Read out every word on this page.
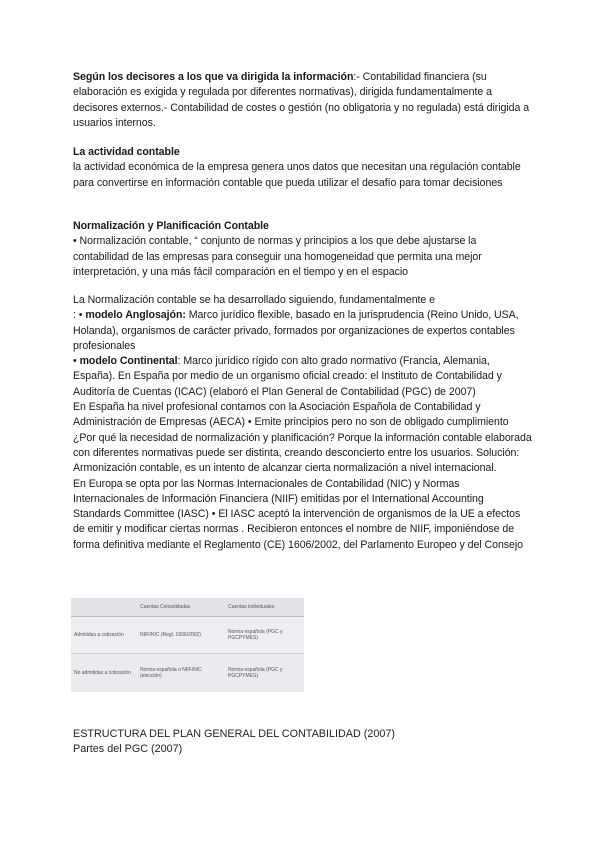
Según los decisores a los que va dirigida la información:- Contabilidad financiera (su elaboración es exigida y regulada por diferentes normativas), dirigida fundamentalmente a decisores externos.- Contabilidad de costes o gestión (no obligatoria y no regulada) está dirigida a usuarios internos.

La actividad contable

la actividad económica de la empresa genera unos datos que necesitan una regulación contable para convertirse en información contable que pueda utilizar el desafío para tomar decisiones

Normalización y Planificación Contable

• Normalización contable, “ conjunto de normas y principios a los que debe ajustarse la contabilidad de las empresas para conseguir una homogeneidad que permita una mejor interpretación, y una más fácil comparación en el tiempo y en el espacio

La Normalización contable se ha desarrollado siguiendo, fundamentalmente e

: • modelo Anglosajón: Marco jurídico flexible, basado en la jurisprudencia (Reino Unido, USA, Holanda), organismos de carácter privado, formados por organizaciones de expertos contables profesionales

• modelo Continental: Marco jurídico rígido con alto grado normativo (Francia, Alemania, España). En España por medio de un organismo oficial creado: el Instituto de Contabilidad y Auditoría de Cuentas (ICAC) (elaboró el Plan General de Contabilidad (PGC) de 2007)

En España ha nivel profesional contamos con la Asociación Española de Contabilidad y Administración de Empresas (AECA) • Emite principios pero no son de obligado cumplimiento

¿Por qué la necesidad de normalización y planificación? Porque la información contable elaborada con diferentes normativas puede ser distinta, creando desconcierto entre los usuarios. Solución: Armonización contable, es un intento de alcanzar cierta normalización a nivel internacional.

En Europa se opta por las Normas Internacionales de Contabilidad (NIC) y Normas Internacionales de Información Financiera (NIIF) emitidas por el International Accounting Standards Committee (IASC) • El IASC aceptó la intervención de organismos de la UE a efectos de emitir y modificar ciertas normas . Recibieron entonces el nombre de NIIF, imponiéndose de forma definitiva mediante el Reglamento (CE) 1606/2002, del Parlamento Europeo y del Consejo

	Cuentas Consolidadas	Cuentas individuales
Admitidas a cotización	NIIF/NIC (Regl. 1606/2002)	Norma española (PGC y PGCPYMES)
No admitidas a cotización	Norma española o NIIF/NIC (elección)	Norma española (PGC y PGCPYMES)
ESTRUCTURA DEL PLAN GENERAL DEL CONTABILIDAD (2007)
Partes del PGC (2007)
